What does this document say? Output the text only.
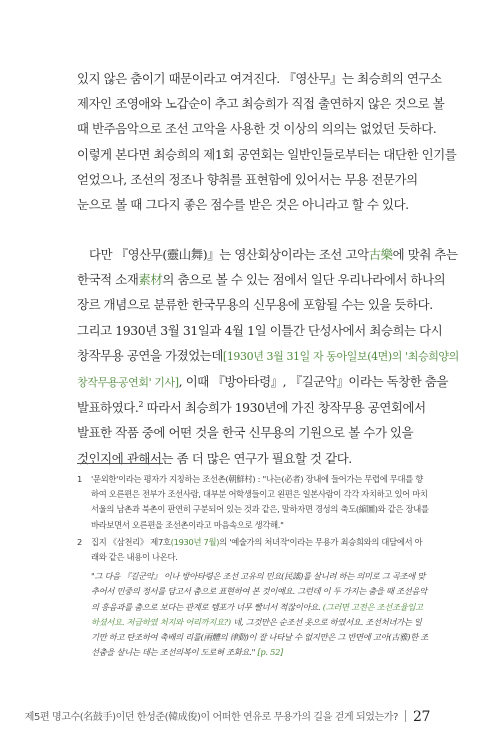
있지 않은 춤이기 때문이라고 여겨진다. 『영산무』는 최승희의 연구소
제자인 조영애와 노갑순이 추고 최승희가 직접 출연하지 않은 것으로 볼
때 반주음악으로 조선 고악을 사용한 것 이상의 의의는 없었던 듯하다.
이렇게 본다면 최승희의 제1회 공연회는 일반인들로부터는 대단한 인기를
얻었으나, 조선의 정조나 향취를 표현함에 있어서는 무용 전문가의
눈으로 볼 때 그다지 좋은 점수를 받은 것은 아니라고 할 수 있다.
다만 『영산무(靈山舞)』는 영산회상이라는 조선 고악古樂에 맞춰 추는
한국적 소재素材의 춤으로 볼 수 있는 점에서 일단 우리나라에서 하나의
장르 개념으로 분류한 한국무용의 신무용에 포함될 수는 있을 듯하다.
그리고 1930년 3월 31일과 4월 1일 이틀간 단성사에서 최승희는 다시
창작무용 공연을 가졌었는데[1930년 3월 31일 자 동아일보(4면)의 '최승희양의
창작무용공연회' 기사], 이때 『방아타령』, 『길군악』이라는 독창한 춤을
발표하였다.$^2$ 따라서 최승희가 1930년에 가진 창작무용 공연회에서
발표한 작품 중에 어떤 것을 한국 신무용의 기원으로 볼 수가 있을
것인지에 관해서는 좀 더 많은 연구가 필요할 것 같다.
1 '문외한'이라는 평자가 지칭하는 조선촌(朝鮮村) : "나는(必者) 장내에 들어가는 무렵에 무대를 향하여 오른편은 전부가 조선사람, 대부분 어학생들이고 왼편은 일본사람이 각각 자치하고 있어 마치 서울의 남촌과 북촌이 판연히 구분되어 있는 것과 같은, 말하자면 경성의 축도(縮圖)와 같은 장내를 바라보면서 오른편을 조선촌이라고 마음속으로 생각해."
2 집지 《삼천리》 제7호(1930년 7월)의 '예술가의 처녀작'이라는 무용가 최승희와의 대담에서 아래와 같은 내용이 나온다.
"그 다음 『길군악』 이나 방아타령은 조선 고유의 민요(民謠)를 살니려 하는 의미로 그 곡조에 맞추어서 민중의 정서를 담고서 춤으로 표현하여 본 것이예요. 그런데 이 두 가지는 춤을 때 조선음악의 흥음과를 춤으로 보다는 관계로 템포가 너무 빨너서 적잖이아요. (그러면 고전은 조선조율입고 하셨서요. 저급하였 처지와 어리까지요?) 네, 그것만은 순조선 옷으로 하였서요. 조선처녀가는 일기만 하고 탄조하여 축배의 리를(兩體의 律動)이 잘 나타날 수 없지만은 그 반면에 고아(古雅)한 조선춤을 살니는 데는 조선의복이 도로혀 조화요." [p. 52]
제5편 명고수(名鼓手)이던 한성준(韓成俊)이 어떠한 연유로 무용가의 길을 걷게 되었는가? 27
